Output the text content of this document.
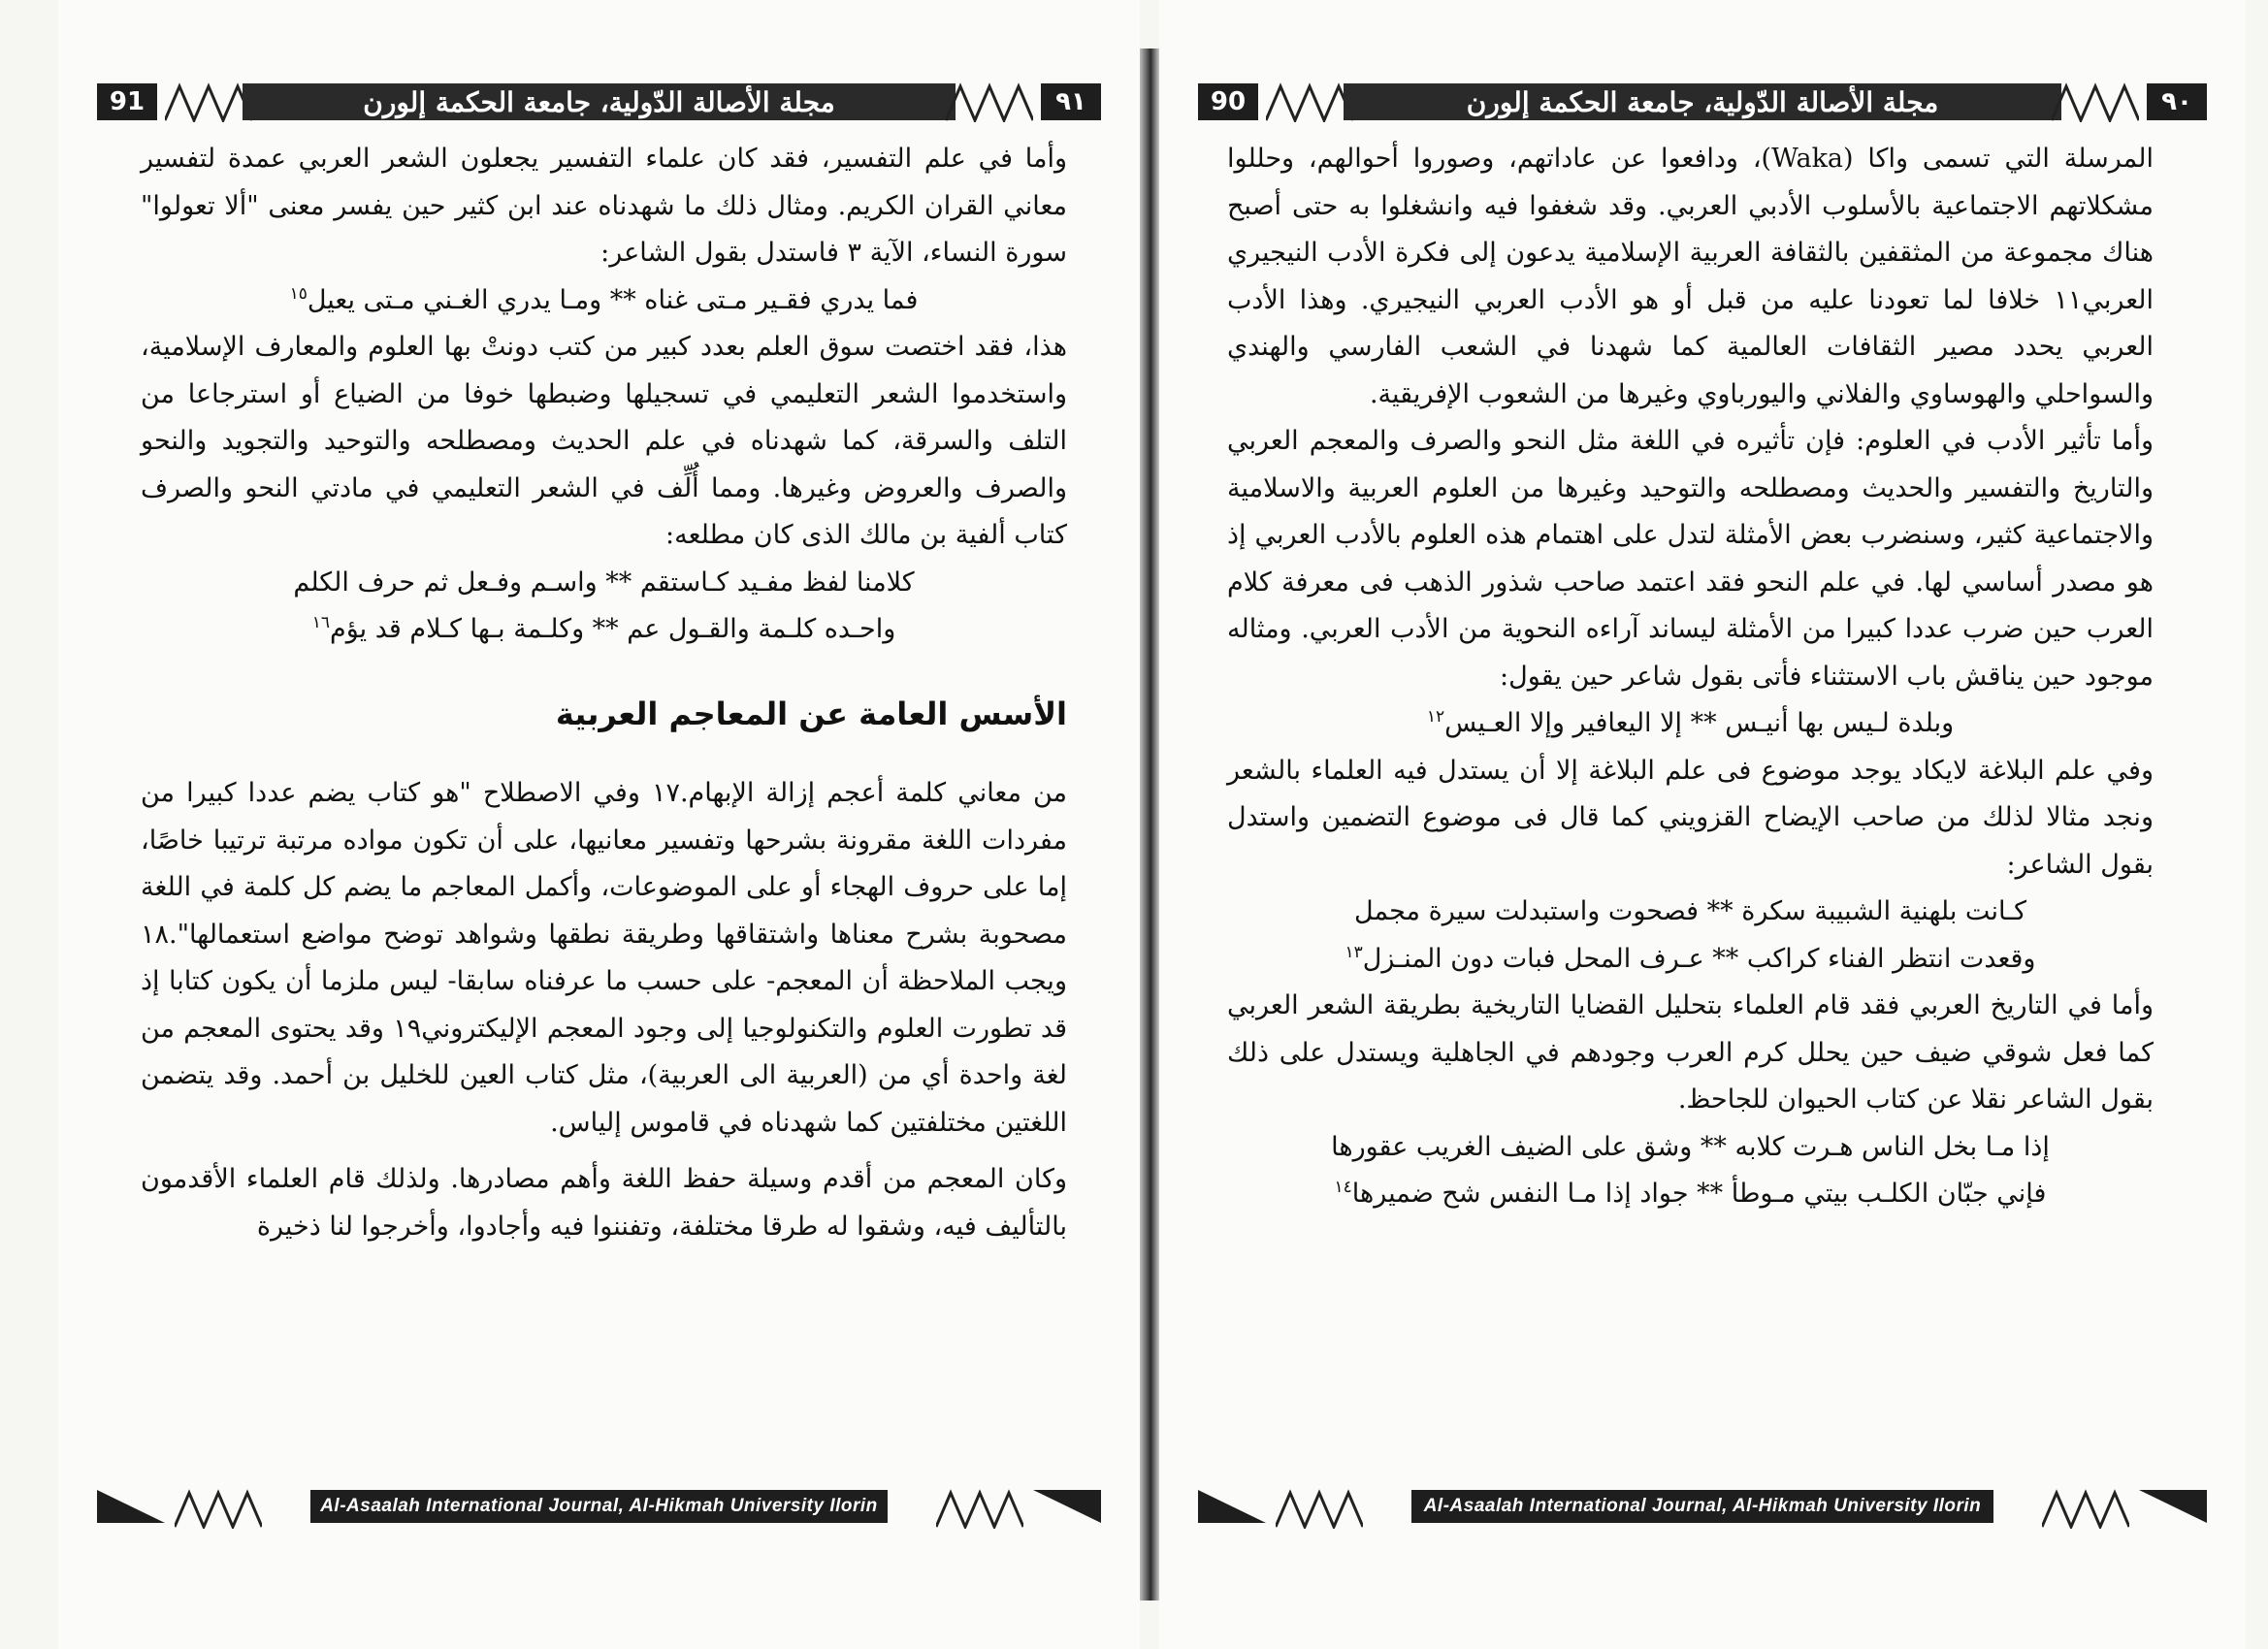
91	مجلة الأصالة الدّولية، جامعة الحكمة إلورن	٩١

وأما في علم التفسير، فقد كان علماء التفسير يجعلون الشعر العربي عمدة لتفسير معاني القران الكريم. ومثال ذلك ما شهدناه عند ابن كثير حين يفسر معنى "ألا تعولوا" سورة النساء، الآية ٣ فاستدل بقول الشاعر:

فما يدري فقـير مـتى غناه ** ومـا يدري الغـني مـتى يعيل$^{١٥}$

هذا، فقد اختصت سوق العلم بعدد كبير من كتب دونتْ بها العلوم والمعارف الإسلامية، واستخدموا الشعر التعليمي في تسجيلها وضبطها خوفا من الضياع أو استرجاعا من التلف والسرقة، كما شهدناه في علم الحديث ومصطلحه والتوحيد والتجويد والنحو والصرف والعروض وغيرها. ومما أُلِّف في الشعر التعليمي في مادتي النحو والصرف كتاب ألفية بن مالك الذى كان مطلعه:

كلامنا لفظ مفـيد كـاستقم ** واسـم وفـعل ثم حرف الكلم

واحـده كلـمة والقـول عم ** وكلـمة بـها كـلام قد يؤم$^{١٦}$

الأسس العامة عن المعاجم العربية

من معاني كلمة أعجم إزالة الإبهام.١٧ وفي الاصطلاح "هو كتاب يضم عددا كبيرا من مفردات اللغة مقرونة بشرحها وتفسير معانيها، على أن تكون مواده مرتبة ترتيبا خاصًا، إما على حروف الهجاء أو على الموضوعات، وأكمل المعاجم ما يضم كل كلمة في اللغة مصحوبة بشرح معناها واشتقاقها وطريقة نطقها وشواهد توضح مواضع استعمالها".١٨ ويجب الملاحظة أن المعجم- على حسب ما عرفناه سابقا- ليس ملزما أن يكون كتابا إذ قد تطورت العلوم والتكنولوجيا إلى وجود المعجم الإليكتروني١٩ وقد يحتوى المعجم من لغة واحدة أي من (العربية الى العربية)، مثل كتاب العين للخليل بن أحمد. وقد يتضمن اللغتين مختلفتين كما شهدناه في قاموس إلياس.

وكان المعجم من أقدم وسيلة حفظ اللغة وأهم مصادرها. ولذلك قام العلماء الأقدمون بالتأليف فيه، وشقوا له طرقا مختلفة، وتفننوا فيه وأجادوا، وأخرجوا لنا ذخيرة

Al-Asaalah International Journal, Al-Hikmah University Ilorin
90	مجلة الأصالة الدّولية، جامعة الحكمة إلورن	٩٠

المرسلة التي تسمى واكا (Waka)، ودافعوا عن عاداتهم، وصوروا أحوالهم، وحللوا مشكلاتهم الاجتماعية بالأسلوب الأدبي العربي. وقد شغفوا فيه وانشغلوا به حتى أصبح هناك مجموعة من المثقفين بالثقافة العربية الإسلامية يدعون إلى فكرة الأدب النيجيري العربي١١ خلافا لما تعودنا عليه من قبل أو هو الأدب العربي النيجيري. وهذا الأدب العربي يحدد مصير الثقافات العالمية كما شهدنا في الشعب الفارسي والهندي والسواحلي والهوساوي والفلاني واليورباوي وغيرها من الشعوب الإفريقية.

وأما تأثير الأدب في العلوم: فإن تأثيره في اللغة مثل النحو والصرف والمعجم العربي والتاريخ والتفسير والحديث ومصطلحه والتوحيد وغيرها من العلوم العربية والاسلامية والاجتماعية كثير، وسنضرب بعض الأمثلة لتدل على اهتمام هذه العلوم بالأدب العربي إذ هو مصدر أساسي لها. في علم النحو فقد اعتمد صاحب شذور الذهب فى معرفة كلام العرب حين ضرب عددا كبيرا من الأمثلة ليساند آراءه النحوية من الأدب العربي. ومثاله موجود حين يناقش باب الاستثناء فأتى بقول شاعر حين يقول:

وبلدة لـيس بها أنيـس ** إلا اليعافير وإلا العـيس$^{١٢}$

وفي علم البلاغة لايكاد يوجد موضوع فى علم البلاغة إلا أن يستدل فيه العلماء بالشعر ونجد مثالا لذلك من صاحب الإيضاح القزويني كما قال فى موضوع التضمين واستدل بقول الشاعر:

كـانت بلهنية الشبيبة سكرة ** فصحوت واستبدلت سيرة مجمل

وقعدت انتظر الفناء كراكب ** عـرف المحل فبات دون المنـزل$^{١٣}$

وأما في التاريخ العربي فقد قام العلماء بتحليل القضايا التاريخية بطريقة الشعر العربي كما فعل شوقي ضيف حين يحلل كرم العرب وجودهم في الجاهلية ويستدل على ذلك بقول الشاعر نقلا عن كتاب الحيوان للجاحظ.

إذا مـا بخل الناس هـرت كلابه ** وشق على الضيف الغريب عقورها

فإني جبّان الكلـب بيتي مـوطأ ** جواد إذا مـا النفس شح ضميرها$^{١٤}$

Al-Asaalah International Journal, Al-Hikmah University Ilorin
